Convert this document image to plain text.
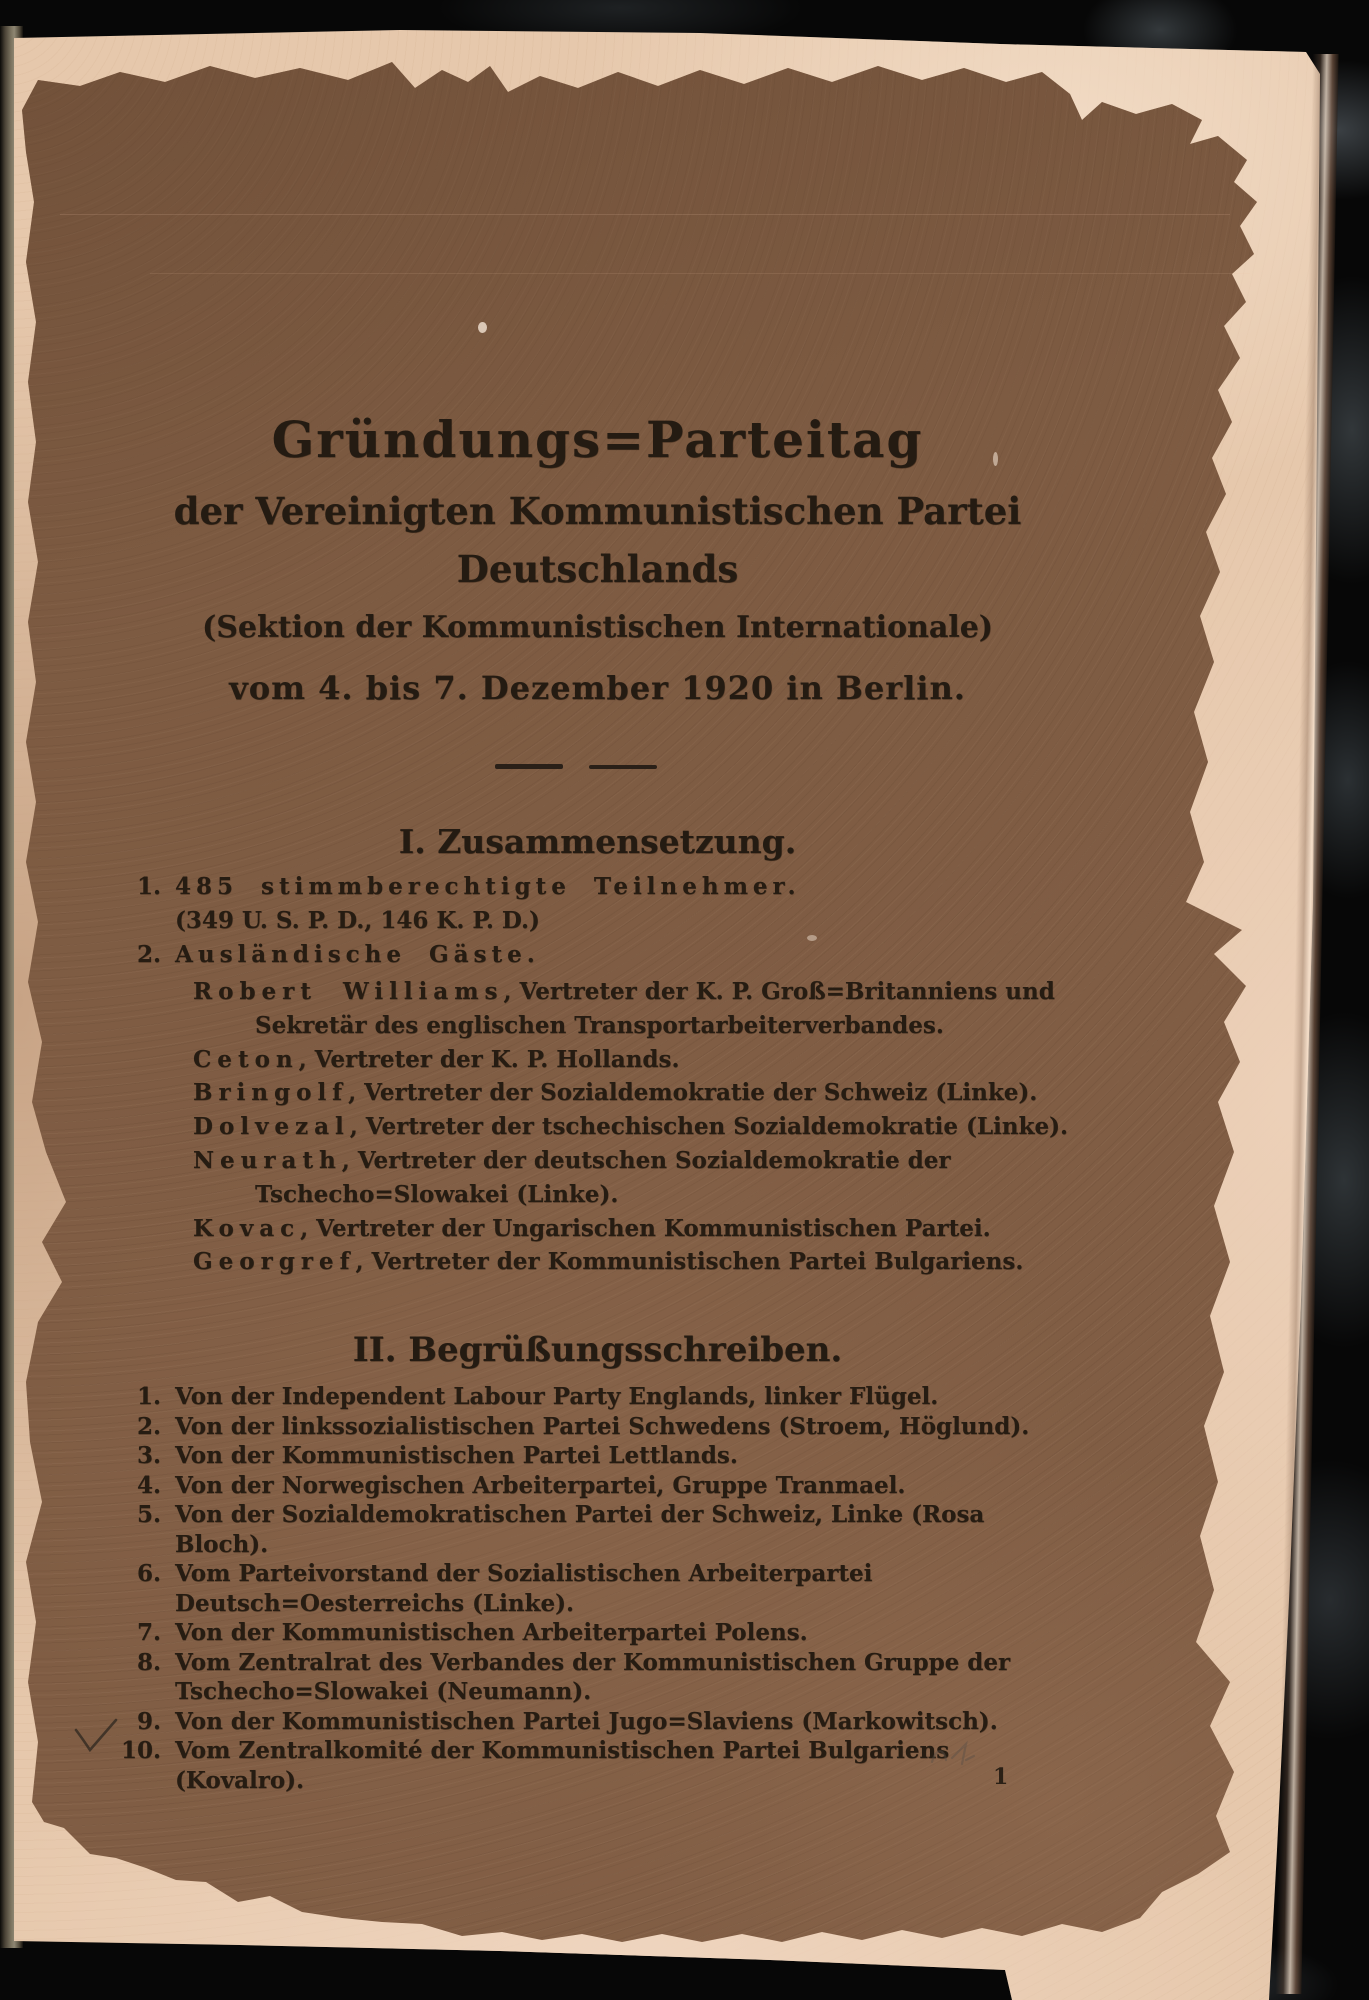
Gründungs=Parteitag
der Vereinigten Kommunistischen Partei
Deutschlands
(Sektion der Kommunistischen Internationale)
vom 4. bis 7. Dezember 1920 in Berlin.
I. Zusammensetzung.
1. 485 stimmberechtigte Teilnehmer.
(349 U. S. P. D., 146 K. P. D.)
2. Ausländische Gäste.

Robert Williams, Vertreter der K. P. Groß=Britanniens und Sekretär des englischen Transportarbeiterverbandes.

Ceton, Vertreter der K. P. Hollands.

Bringolf, Vertreter der Sozialdemokratie der Schweiz (Linke).

Dolvezal, Vertreter der tschechischen Sozialdemokratie (Linke).

Neurath, Vertreter der deutschen Sozialdemokratie der Tschecho=Slowakei (Linke).

Kovac, Vertreter der Ungarischen Kommunistischen Partei.

Georgref, Vertreter der Kommunistischen Partei Bulgariens.

II. Begrüßungsschreiben.
1. Von der Independent Labour Party Englands, linker Flügel.
2. Von der linkssozialistischen Partei Schwedens (Stroem, Höglund).
3. Von der Kommunistischen Partei Lettlands.
4. Von der Norwegischen Arbeiterpartei, Gruppe Tranmael.
5. Von der Sozialdemokratischen Partei der Schweiz, Linke (Rosa Bloch).
6. Vom Parteivorstand der Sozialistischen Arbeiterpartei Deutsch=Oesterreichs (Linke).
7. Von der Kommunistischen Arbeiterpartei Polens.
8. Vom Zentralrat des Verbandes der Kommunistischen Gruppe der Tschecho=Slowakei (Neumann).
9. Von der Kommunistischen Partei Jugo=Slaviens (Markowitsch).
10. Vom Zentralkomité der Kommunistischen Partei Bulgariens (Kovalro).	1
